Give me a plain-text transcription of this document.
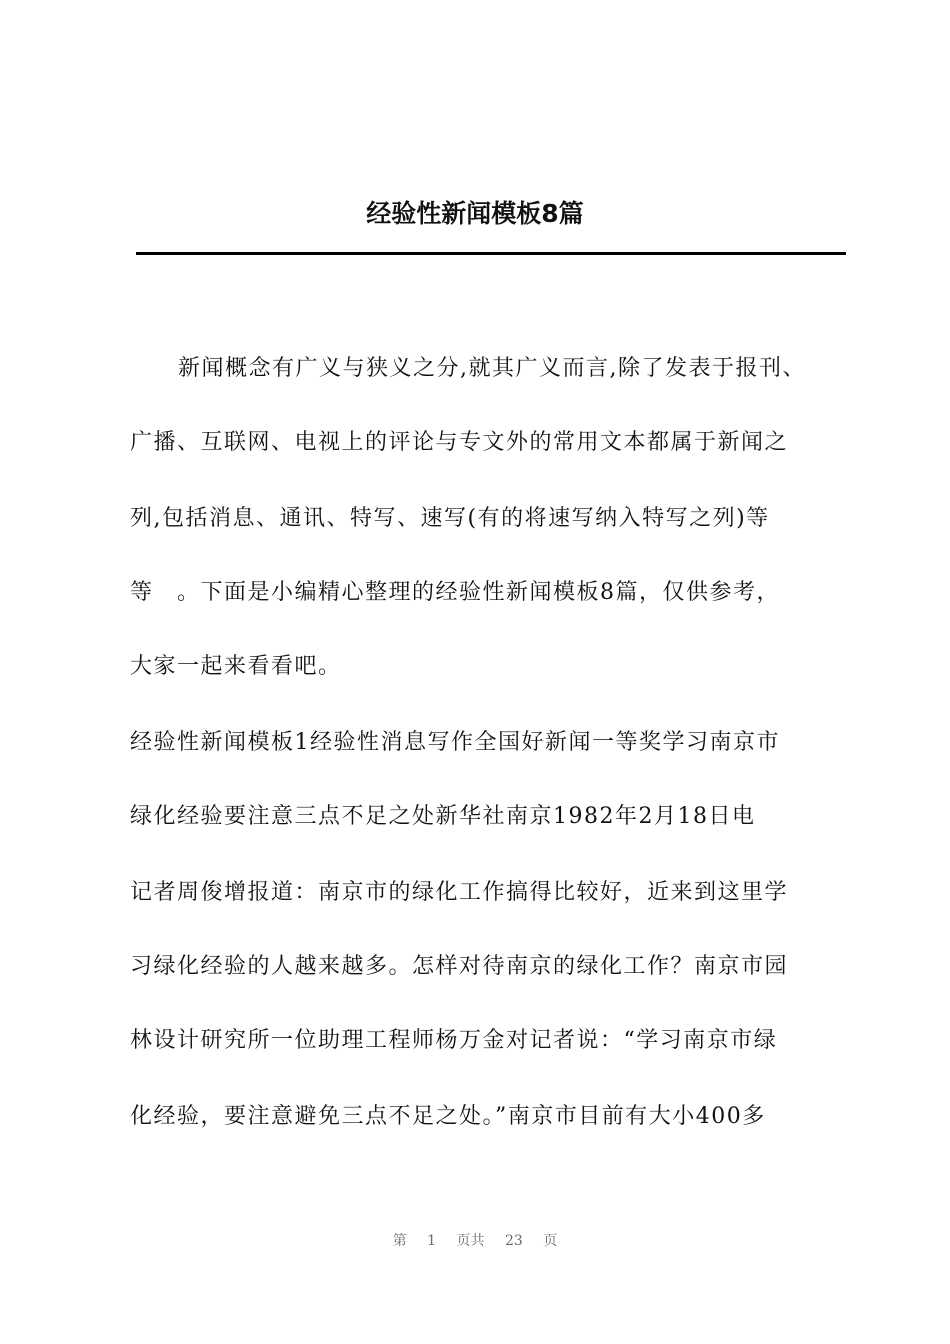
经验性新闻模板8篇
新闻概念有广义与狭义之分,就其广义而言,除了发表于报刊、
广播、互联网、电视上的评论与专文外的常用文本都属于新闻之
列,包括消息、通讯、特写、速写(有的将速写纳入特写之列)等
等　。下面是小编精心整理的经验性新闻模板8篇，仅供参考，
大家一起来看看吧。
经验性新闻模板1经验性消息写作全国好新闻一等奖学习南京市
绿化经验要注意三点不足之处新华社南京1982年2月18日电
记者周俊增报道：南京市的绿化工作搞得比较好，近来到这里学
习绿化经验的人越来越多。怎样对待南京的绿化工作？南京市园
林设计研究所一位助理工程师杨万金对记者说：“学习南京市绿
化经验，要注意避免三点不足之处。”南京市目前有大小400多
第 1 页共 23 页
